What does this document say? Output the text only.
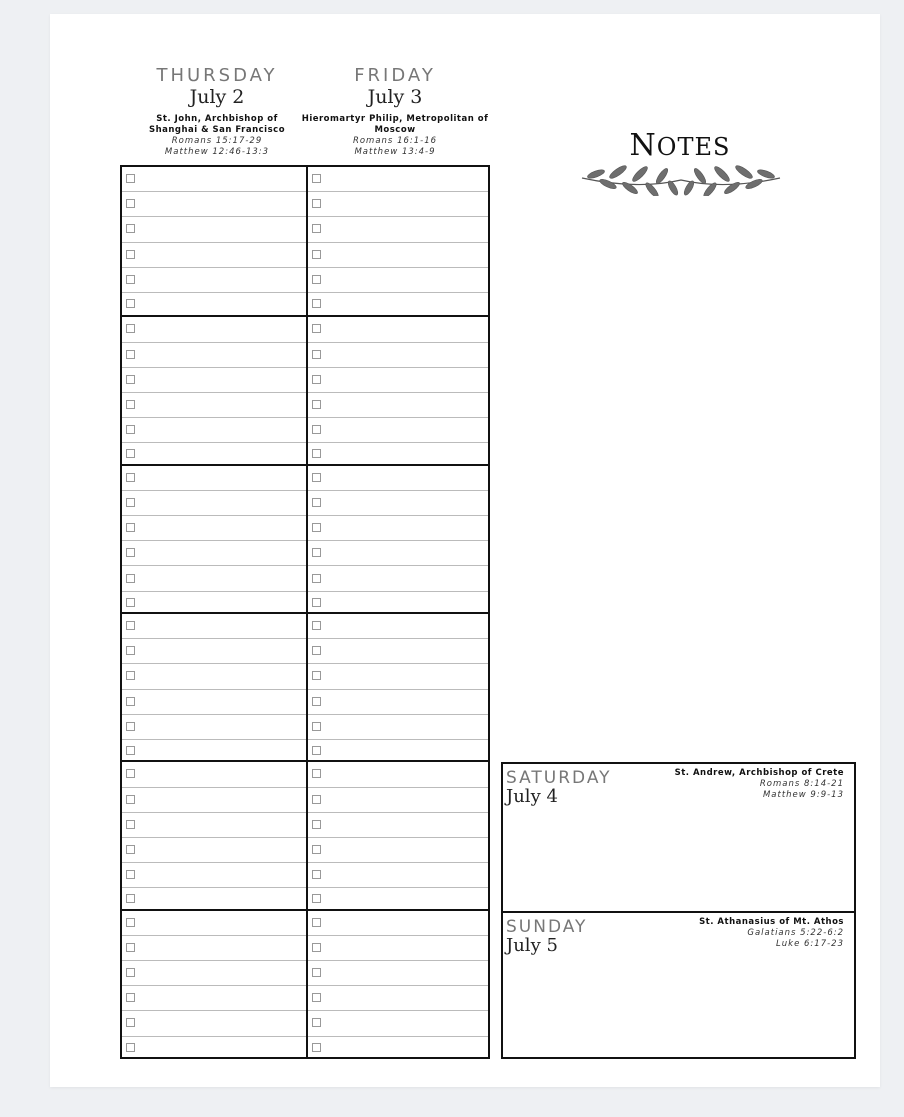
THURSDAY
July 2
St. John, Archbishop of
Shanghai & San Francisco
Romans 15:17-29
Matthew 12:46-13:3
FRIDAY
July 3
Hieromartyr Philip, Metropolitan of
Moscow
Romans 16:1-16
Matthew 13:4-9	NOTES
SATURDAY
July 4
St. Andrew, Archbishop of Crete
Romans 8:14-21
Matthew 9:9-13
SUNDAY
July 5
St. Athanasius of Mt. Athos
Galatians 5:22-6:2
Luke 6:17-23
